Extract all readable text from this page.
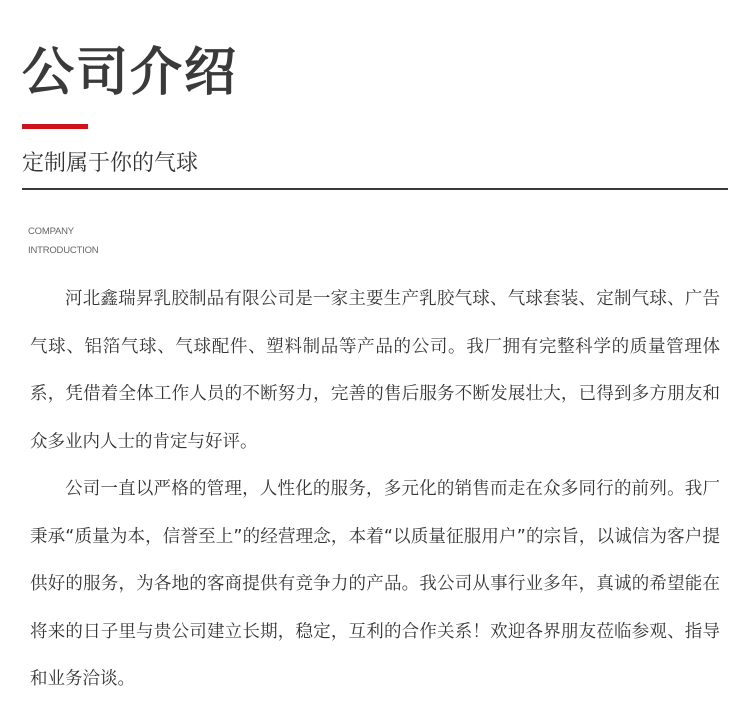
公司介绍
定制属于你的气球
COMPANY
INTRODUCTION

河北鑫瑞昇乳胶制品有限公司是一家主要生产乳胶气球、气球套装、定制气球、广告气球、铝箔气球、气球配件、塑料制品等产品的公司。我厂拥有完整科学的质量管理体系，凭借着全体工作人员的不断努力，完善的售后服务不断发展壮大，已得到多方朋友和众多业内人士的肯定与好评。

公司一直以严格的管理，人性化的服务，多元化的销售而走在众多同行的前列。我厂秉承“质量为本，信誉至上”的经营理念，本着“以质量征服用户”的宗旨，以诚信为客户提供好的服务，为各地的客商提供有竞争力的产品。我公司从事行业多年，真诚的希望能在将来的日子里与贵公司建立长期，稳定，互利的合作关系！欢迎各界朋友莅临参观、指导和业务洽谈。
